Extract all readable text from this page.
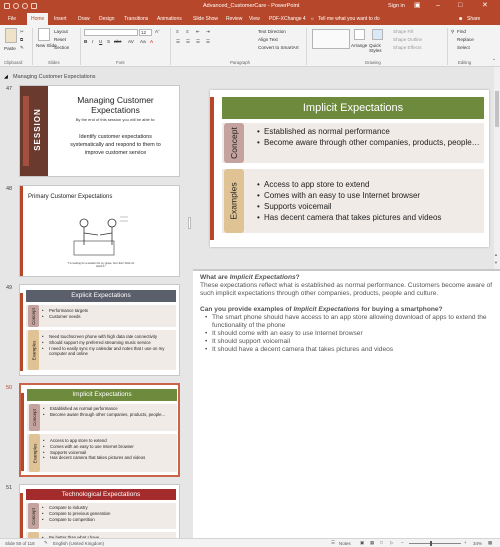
Advanced_CustomerCare - PowerPoint	Sign in ▣ –	□	✕
File	Home	Insert Draw Design Transitions Animations Slide Show Review View PDF-XChange 4 ☼ Tell me what you want to do	☻ Share
Paste
✂
⧉
✎
Clipboard
New Slide
Layout
Reset
Section
Slides
12	Aˆ
B I U S abc AV Aa A
Font
≡ ≡ ⇤ ⇥
☰ ☰ ☰ ☰
Text Direction
Align Text
Convert to SmartArt
Paragraph
Arrange Quick Styles
Shape Fill
Shape Outline
Shape Effects
Drawing
⚲ Find
Replace
Select
Editing	⌃
◢ Managing Customer Expectations
47
SESSION
Managing Customer Expectations
By the end of this session you will be able to:
Identify customer expectations systematically and respond to them to improve customer service
48
Primary Customer Expectations
"I'm looking for a solution for my grave, but I don't think it's worth it."
49
Explicit Expectations
Concept	• Performance targets
• Customer needs
Examples
• Need touchscreen phone with high data rate connectivity
• Should support my preferred streaming music service
• I need to easily sync my calendar and notes that I use on my computer and online
50
Implicit Expectations
Concept
• Established as normal performance
• Become aware through other companies, products, people...
Examples
• Access to app store to extend
• Comes with an easy to use Internet browser
• Supports voicemail
• Has decent camera that takes pictures and videos
51
Technological Expectations
Concept
• Compare to industry
• Compare to previous generation
• Compare to competition
• Be better than what I have
Implicit Expectations
Concept	• Established as normal performance
• Become aware through other companies, products, people…
Examples	• Access to app store to extend
• Comes with an easy to use Internet browser
• Supports voicemail
• Has decent camera that takes pictures and videos
▲
▼
What are Implicit Expectations?
These expectations reflect what is established as normal performance. Customers become aware of such implicit expectations through other companies, products, people and culture.
Can you provide examples of Implicit Expectations for buying a smartphone?
• The smart phone should have access to an app store allowing download of apps to extend the functionality of the phone
• It should come with an easy to use Internet browser
• It should support voicemail
• It should have a decent camera that takes pictures and videos
Slide 50 of 118 ✎ English (United Kingdom)	☰ Notes ▣ ▦ □ ▷ −	+ 34% ▩
